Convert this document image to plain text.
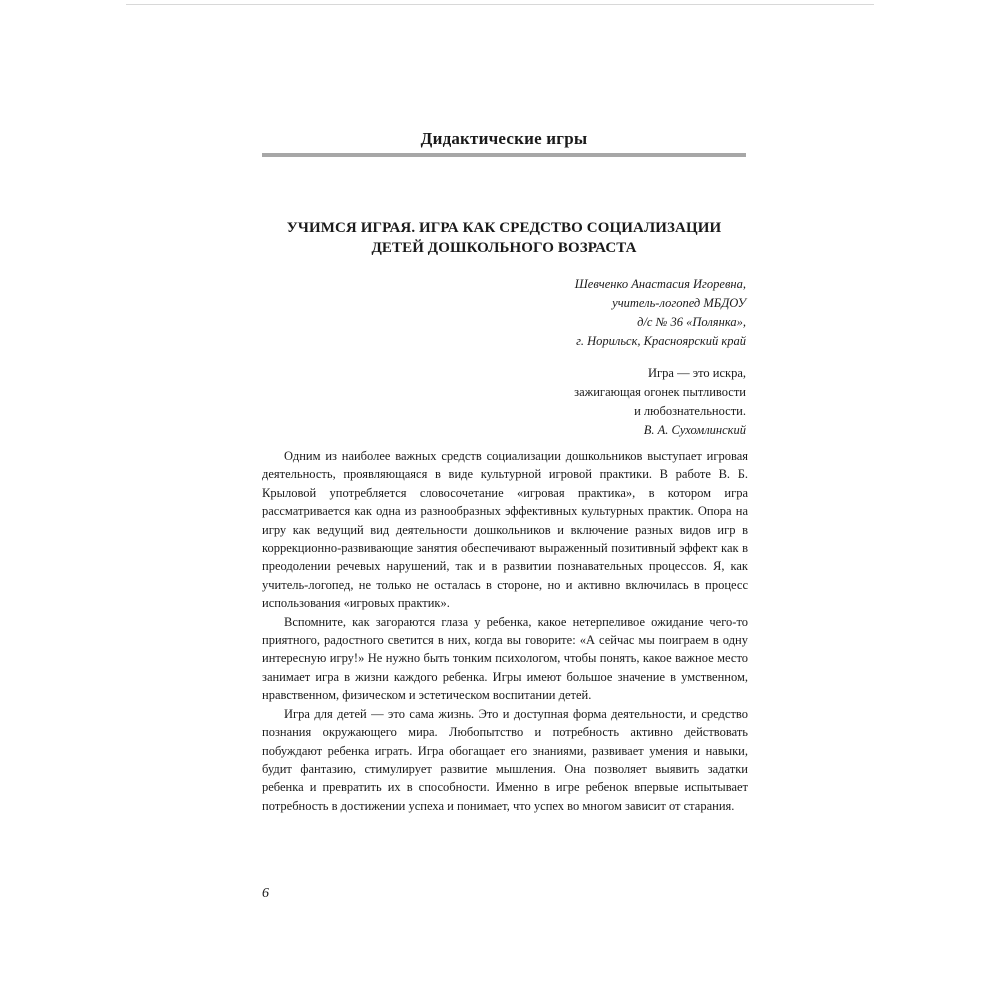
Дидактические игры
УЧИМСЯ ИГРАЯ. ИГРА КАК СРЕДСТВО СОЦИАЛИЗАЦИИ
ДЕТЕЙ ДОШКОЛЬНОГО ВОЗРАСТА
Шевченко Анастасия Игоревна,
учитель-логопед МБДОУ
д/с № 36 «Полянка»,
г. Норильск, Красноярский край
Игра — это искра,
зажигающая огонек пытливости
и любознательности.
В. А. Сухомлинский

Одним из наиболее важных средств социализации дошкольников выступает игровая деятельность, проявляющаяся в виде культурной игровой практики. В работе В. Б. Крыловой употребляется словосочетание «игровая практика», в котором игра рассматривается как одна из разнообразных эффективных культурных практик. Опора на игру как ведущий вид деятельности дошкольников и включение разных видов игр в коррекционно-развивающие занятия обеспечивают выраженный позитивный эффект как в преодолении речевых нарушений, так и в развитии познавательных процессов. Я, как учитель-логопед, не только не осталась в стороне, но и активно включилась в процесс использования «игровых практик».

Вспомните, как загораются глаза у ребенка, какое нетерпеливое ожидание чего-то приятного, радостного светится в них, когда вы говорите: «А сейчас мы поиграем в одну интересную игру!» Не нужно быть тонким психологом, чтобы понять, какое важное место занимает игра в жизни каждого ребенка. Игры имеют большое значение в умственном, нравственном, физическом и эстетическом воспитании детей.

Игра для детей — это сама жизнь. Это и доступная форма деятельности, и средство познания окружающего мира. Любопытство и потребность активно действовать побуждают ребенка играть. Игра обогащает его знаниями, развивает умения и навыки, будит фантазию, стимулирует развитие мышления. Она позволяет выявить задатки ребенка и превратить их в способности. Именно в игре ребенок впервые испытывает потребность в достижении успеха и понимает, что успех во многом зависит от старания.

6
